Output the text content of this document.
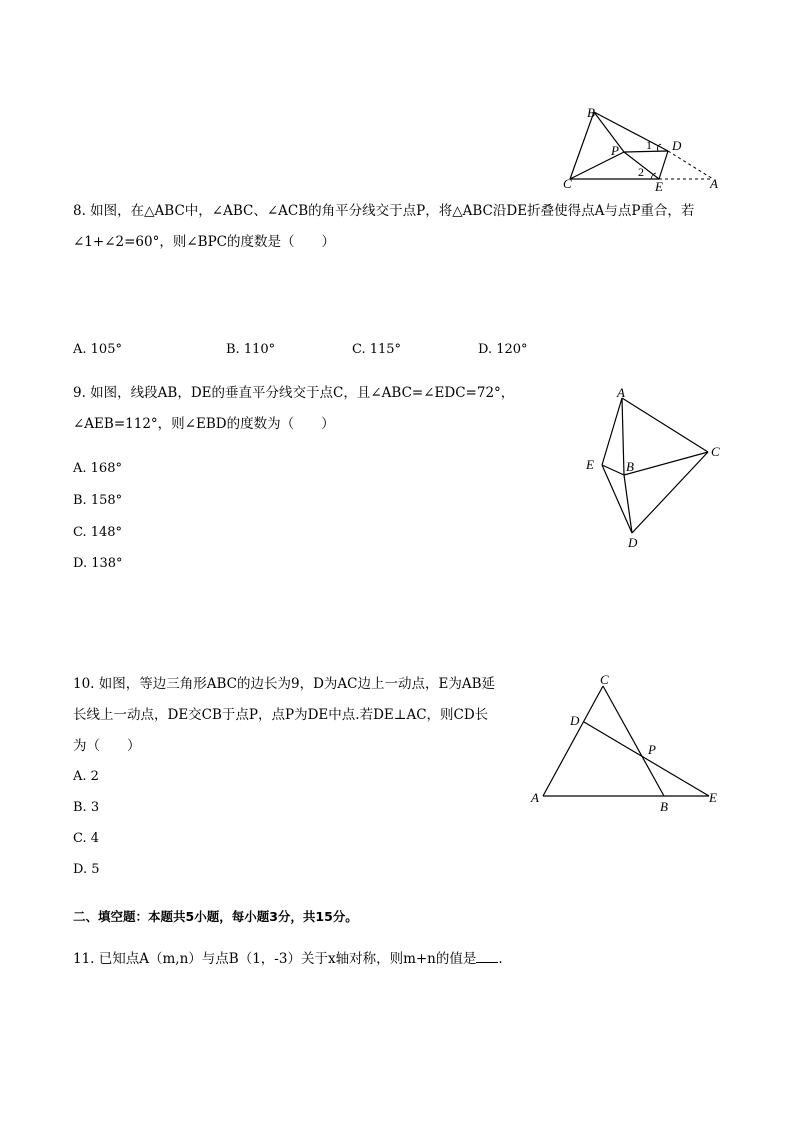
B
P	D
C	E	A
1
2
8. 如图，在△ABC中，∠ABC、∠ACB的角平分线交于点P，将△ABC沿DE折叠使得点A与点P重合，若
∠1+∠2=60°，则∠BPC的度数是（　　）
A. 105°	B. 110°	C. 115°	D. 120°
9. 如图，线段AB，DE的垂直平分线交于点C，且∠ABC=∠EDC=72°，
∠AEB=112°，则∠EBD的度数为（　　）
A. 168°
B. 158°
C. 148°
D. 138°
A
E B
C
D
10. 如图，等边三角形ABC的边长为9，D为AC边上一动点，E为AB延
长线上一动点，DE交CB于点P，点P为DE中点.若DE⊥AC，则CD长
为（　　）
A. 2
B. 3
C. 4
D. 5
C
D
P
A
B
E
二、填空题：本题共5小题，每小题3分，共15分。
11. 已知点A（m,n）与点B（1，-3）关于x轴对称，则m+n的值是 .
